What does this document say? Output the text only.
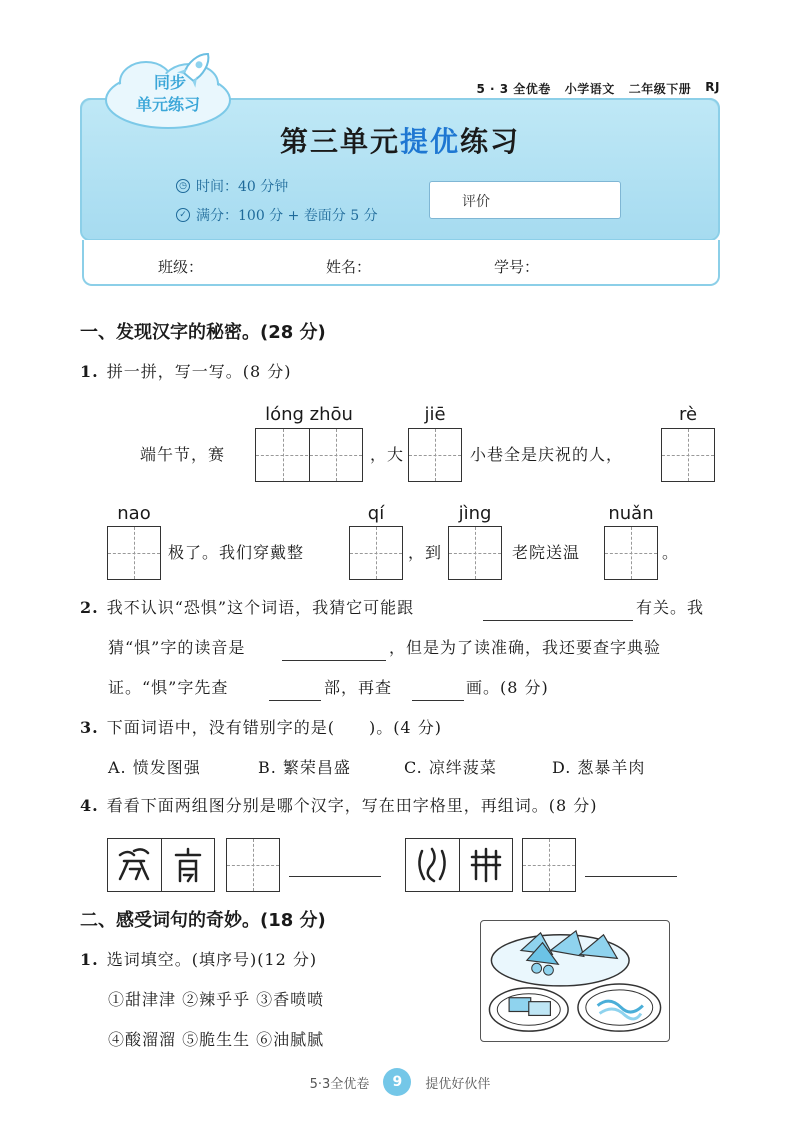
5 · 3 全优卷 小学语文 二年级下册 RJ
同步
单元练习
第三单元提优练习
◷ 时间：40 分钟
✓ 满分：100 分 + 卷面分 5 分
评价
班级：	姓名：	学号：
一、发现汉字的秘密。(28 分)
1. 拼一拼，写一写。(8 分)
lóng zhōu	jiē	rè
端午节，赛	，大	小巷全是庆祝的人，
nao	qí	jìng	nuǎn
极了。我们穿戴整	，到	老院送温	。
2. 我不认识“恐惧”这个词语，我猜它可能跟	有关。我
猜“惧”字的读音是	，但是为了读准确，我还要查字典验
证。“惧”字先查	部，再查	画。(8 分)
3. 下面词语中，没有错别字的是(　　)。(4 分)
A. 愤发图强	B. 繁荣昌盛	C. 凉绊菠菜	D. 葱暴羊肉
4. 看看下面两组图分别是哪个汉字，写在田字格里，再组词。(8 分)
二、感受词句的奇妙。(18 分)
1. 选词填空。(填序号)(12 分)
①甜津津 ②辣乎乎 ③香喷喷
④酸溜溜 ⑤脆生生 ⑥油腻腻
5·3全优卷	9	提优好伙伴
